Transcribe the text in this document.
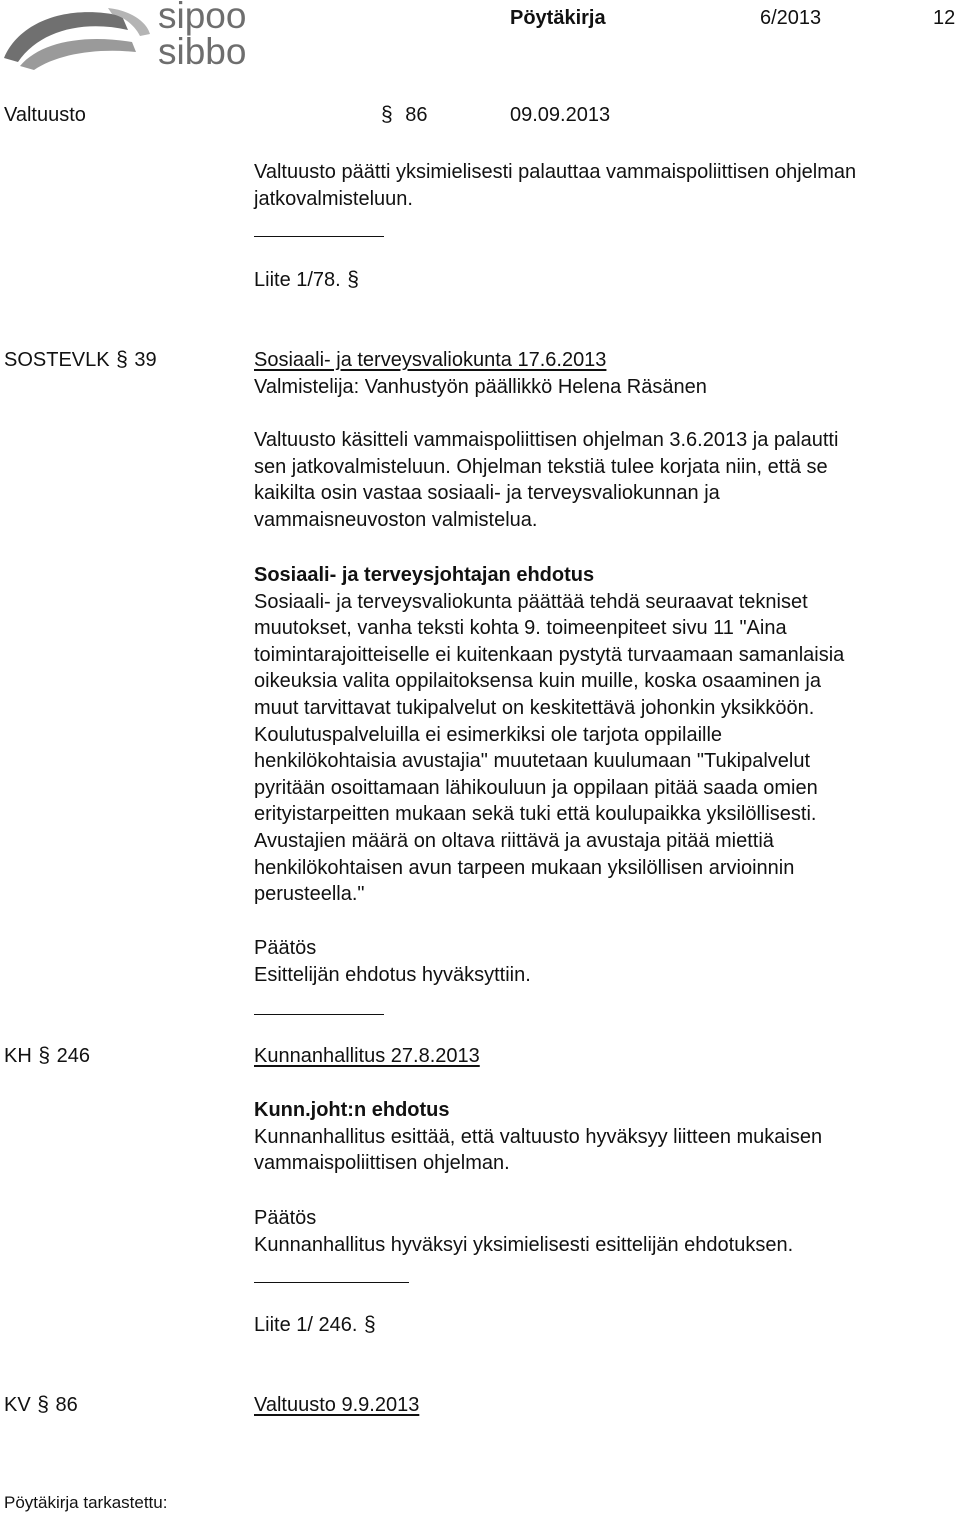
sipoo
sibbo
Pöytäkirja	6/2013	12
Valtuusto	§ 86	09.09.2013
Valtuusto päätti yksimielisesti palauttaa vammaispoliittisen ohjelman
jatkovalmisteluun.
Liite 1/78. §
SOSTEVLK § 39	Sosiaali- ja terveysvaliokunta 17.6.2013
Valmistelija: Vanhustyön päällikkö Helena Räsänen
Valtuusto käsitteli vammaispoliittisen ohjelman 3.6.2013 ja palautti
sen jatkovalmisteluun. Ohjelman tekstiä tulee korjata niin, että se
kaikilta osin vastaa sosiaali- ja terveysvaliokunnan ja
vammaisneuvoston valmistelua.
Sosiaali- ja terveysjohtajan ehdotus
Sosiaali- ja terveysvaliokunta päättää tehdä seuraavat tekniset
muutokset, vanha teksti kohta 9. toimeenpiteet sivu 11 "Aina
toimintarajoitteiselle ei kuitenkaan pystytä turvaamaan samanlaisia
oikeuksia valita oppilaitoksensa kuin muille, koska osaaminen ja
muut tarvittavat tukipalvelut on keskitettävä johonkin yksikköön.
Koulutuspalveluilla ei esimerkiksi ole tarjota oppilaille
henkilökohtaisia avustajia" muutetaan kuulumaan "Tukipalvelut
pyritään osoittamaan lähikouluun ja oppilaan pitää saada omien
erityistarpeitten mukaan sekä tuki että koulupaikka yksilöllisesti.
Avustajien määrä on oltava riittävä ja avustaja pitää miettiä
henkilökohtaisen avun tarpeen mukaan yksilöllisen arvioinnin
perusteella."
Päätös
Esittelijän ehdotus hyväksyttiin.
KH § 246	Kunnanhallitus 27.8.2013
Kunn.joht:n ehdotus
Kunnanhallitus esittää, että valtuusto hyväksyy liitteen mukaisen
vammaispoliittisen ohjelman.
Päätös
Kunnanhallitus hyväksyi yksimielisesti esittelijän ehdotuksen.
Liite 1/ 246. §
KV § 86	Valtuusto 9.9.2013
Pöytäkirja tarkastettu:
